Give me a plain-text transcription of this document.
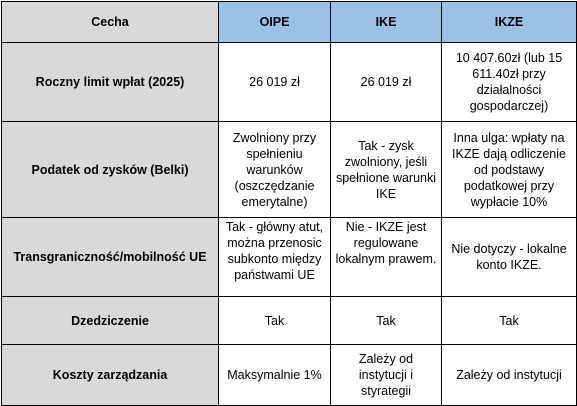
Cecha	OIPE	IKE	IKZE
Roczny limit wpłat (2025)	26 019 zł	26 019 zł	10 407.60zł (lub 15 611.40zł przy działalności gospodarczej)
Podatek od zysków (Belki)	Zwolniony przy spełnieniu warunków (oszczędzanie emerytalne)	Tak - zysk zwolniony, jeśli spełnione warunki IKE	Inna ulga: wpłaty na IKZE dają odliczenie od podstawy podatkowej przy wypłacie 10%
Transgraniczność/mobilność UE	Tak - główny atut, można przenosic subkonto między państwami UE	Nie - IKZE jest regulowane lokalnym prawem.	Nie dotyczy - lokalne konto IKZE.
Dzedziczenie	Tak	Tak	Tak
Koszty zarządzania	Maksymalnie 1%	Zależy od instytucji i styrategii	Zależy od instytucji
